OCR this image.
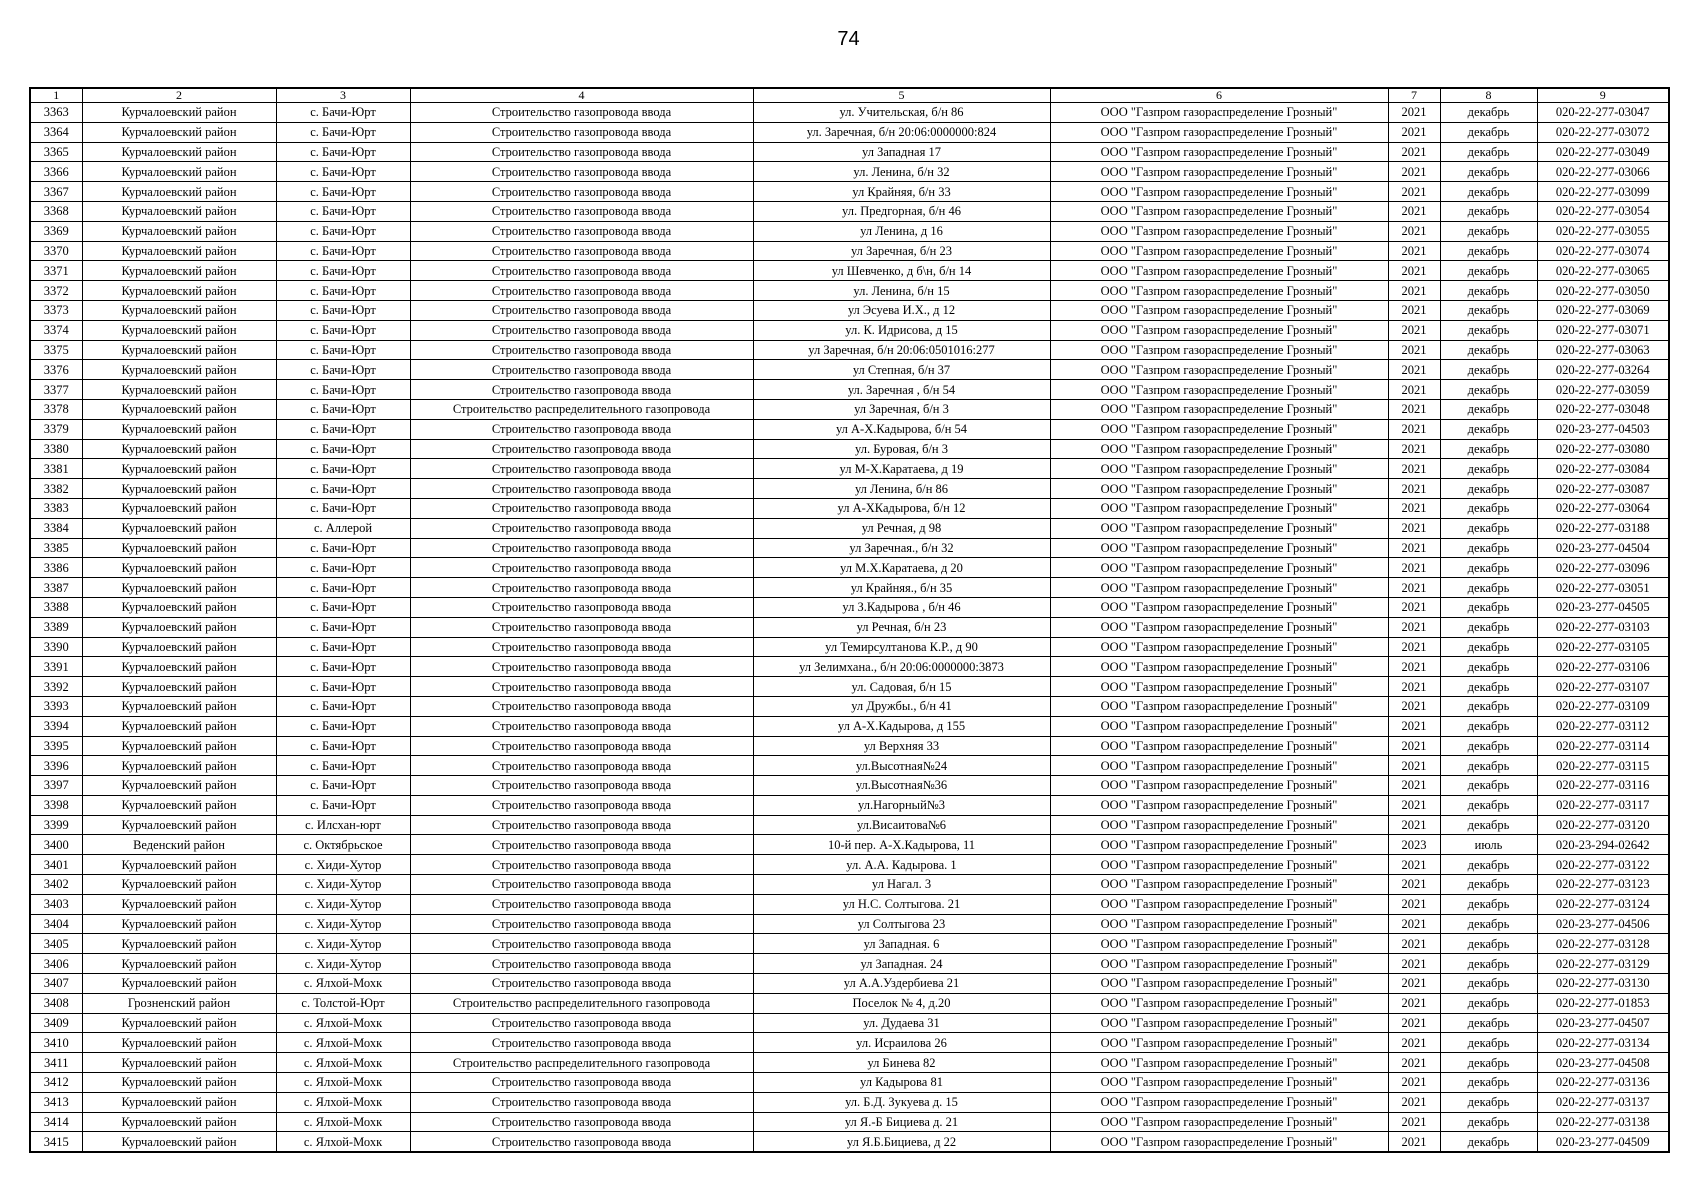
74
1	2	3	4	5	6	7	8	9
3363	Курчалоевский район	с. Бачи-Юрт	Строительство газопровода ввода	ул. Учительская, б/н 86	ООО "Газпром газораспределение Грозный"	2021	декабрь	020-22-277-03047
3364	Курчалоевский район	с. Бачи-Юрт	Строительство газопровода ввода	ул. Заречная, б/н 20:06:0000000:824	ООО "Газпром газораспределение Грозный"	2021	декабрь	020-22-277-03072
3365	Курчалоевский район	с. Бачи-Юрт	Строительство газопровода ввода	ул Западная 17	ООО "Газпром газораспределение Грозный"	2021	декабрь	020-22-277-03049
3366	Курчалоевский район	с. Бачи-Юрт	Строительство газопровода ввода	ул. Ленина, б/н 32	ООО "Газпром газораспределение Грозный"	2021	декабрь	020-22-277-03066
3367	Курчалоевский район	с. Бачи-Юрт	Строительство газопровода ввода	ул Крайняя, б/н 33	ООО "Газпром газораспределение Грозный"	2021	декабрь	020-22-277-03099
3368	Курчалоевский район	с. Бачи-Юрт	Строительство газопровода ввода	ул. Предгорная, б/н 46	ООО "Газпром газораспределение Грозный"	2021	декабрь	020-22-277-03054
3369	Курчалоевский район	с. Бачи-Юрт	Строительство газопровода ввода	ул Ленина, д 16	ООО "Газпром газораспределение Грозный"	2021	декабрь	020-22-277-03055
3370	Курчалоевский район	с. Бачи-Юрт	Строительство газопровода ввода	ул Заречная, б/н 23	ООО "Газпром газораспределение Грозный"	2021	декабрь	020-22-277-03074
3371	Курчалоевский район	с. Бачи-Юрт	Строительство газопровода ввода	ул Шевченко, д б\н, б/н 14	ООО "Газпром газораспределение Грозный"	2021	декабрь	020-22-277-03065
3372	Курчалоевский район	с. Бачи-Юрт	Строительство газопровода ввода	ул. Ленина, б/н 15	ООО "Газпром газораспределение Грозный"	2021	декабрь	020-22-277-03050
3373	Курчалоевский район	с. Бачи-Юрт	Строительство газопровода ввода	ул Эсуева И.Х., д 12	ООО "Газпром газораспределение Грозный"	2021	декабрь	020-22-277-03069
3374	Курчалоевский район	с. Бачи-Юрт	Строительство газопровода ввода	ул. К. Идрисова, д 15	ООО "Газпром газораспределение Грозный"	2021	декабрь	020-22-277-03071
3375	Курчалоевский район	с. Бачи-Юрт	Строительство газопровода ввода	ул Заречная, б/н 20:06:0501016:277	ООО "Газпром газораспределение Грозный"	2021	декабрь	020-22-277-03063
3376	Курчалоевский район	с. Бачи-Юрт	Строительство газопровода ввода	ул Степная, б/н 37	ООО "Газпром газораспределение Грозный"	2021	декабрь	020-22-277-03264
3377	Курчалоевский район	с. Бачи-Юрт	Строительство газопровода ввода	ул. Заречная , б/н 54	ООО "Газпром газораспределение Грозный"	2021	декабрь	020-22-277-03059
3378	Курчалоевский район	с. Бачи-Юрт	Строительство распределительного газопровода	ул Заречная, б/н 3	ООО "Газпром газораспределение Грозный"	2021	декабрь	020-22-277-03048
3379	Курчалоевский район	с. Бачи-Юрт	Строительство газопровода ввода	ул А-Х.Кадырова, б/н 54	ООО "Газпром газораспределение Грозный"	2021	декабрь	020-23-277-04503
3380	Курчалоевский район	с. Бачи-Юрт	Строительство газопровода ввода	ул. Буровая, б/н 3	ООО "Газпром газораспределение Грозный"	2021	декабрь	020-22-277-03080
3381	Курчалоевский район	с. Бачи-Юрт	Строительство газопровода ввода	ул М-Х.Каратаева, д 19	ООО "Газпром газораспределение Грозный"	2021	декабрь	020-22-277-03084
3382	Курчалоевский район	с. Бачи-Юрт	Строительство газопровода ввода	ул Ленина, б/н 86	ООО "Газпром газораспределение Грозный"	2021	декабрь	020-22-277-03087
3383	Курчалоевский район	с. Бачи-Юрт	Строительство газопровода ввода	ул А-ХКадырова, б/н 12	ООО "Газпром газораспределение Грозный"	2021	декабрь	020-22-277-03064
3384	Курчалоевский район	с. Аллерой	Строительство газопровода ввода	ул Речная, д 98	ООО "Газпром газораспределение Грозный"	2021	декабрь	020-22-277-03188
3385	Курчалоевский район	с. Бачи-Юрт	Строительство газопровода ввода	ул Заречная., б/н 32	ООО "Газпром газораспределение Грозный"	2021	декабрь	020-23-277-04504
3386	Курчалоевский район	с. Бачи-Юрт	Строительство газопровода ввода	ул М.Х.Каратаева, д 20	ООО "Газпром газораспределение Грозный"	2021	декабрь	020-22-277-03096
3387	Курчалоевский район	с. Бачи-Юрт	Строительство газопровода ввода	ул Крайняя., б/н 35	ООО "Газпром газораспределение Грозный"	2021	декабрь	020-22-277-03051
3388	Курчалоевский район	с. Бачи-Юрт	Строительство газопровода ввода	ул З.Кадырова , б/н 46	ООО "Газпром газораспределение Грозный"	2021	декабрь	020-23-277-04505
3389	Курчалоевский район	с. Бачи-Юрт	Строительство газопровода ввода	ул Речная, б/н 23	ООО "Газпром газораспределение Грозный"	2021	декабрь	020-22-277-03103
3390	Курчалоевский район	с. Бачи-Юрт	Строительство газопровода ввода	ул Темирсултанова К.Р., д 90	ООО "Газпром газораспределение Грозный"	2021	декабрь	020-22-277-03105
3391	Курчалоевский район	с. Бачи-Юрт	Строительство газопровода ввода	ул Зелимхана., б/н 20:06:0000000:3873	ООО "Газпром газораспределение Грозный"	2021	декабрь	020-22-277-03106
3392	Курчалоевский район	с. Бачи-Юрт	Строительство газопровода ввода	ул. Садовая, б/н 15	ООО "Газпром газораспределение Грозный"	2021	декабрь	020-22-277-03107
3393	Курчалоевский район	с. Бачи-Юрт	Строительство газопровода ввода	ул Дружбы., б/н 41	ООО "Газпром газораспределение Грозный"	2021	декабрь	020-22-277-03109
3394	Курчалоевский район	с. Бачи-Юрт	Строительство газопровода ввода	ул А-Х.Кадырова, д 155	ООО "Газпром газораспределение Грозный"	2021	декабрь	020-22-277-03112
3395	Курчалоевский район	с. Бачи-Юрт	Строительство газопровода ввода	ул Верхняя 33	ООО "Газпром газораспределение Грозный"	2021	декабрь	020-22-277-03114
3396	Курчалоевский район	с. Бачи-Юрт	Строительство газопровода ввода	ул.Высотная№24	ООО "Газпром газораспределение Грозный"	2021	декабрь	020-22-277-03115
3397	Курчалоевский район	с. Бачи-Юрт	Строительство газопровода ввода	ул.Высотная№36	ООО "Газпром газораспределение Грозный"	2021	декабрь	020-22-277-03116
3398	Курчалоевский район	с. Бачи-Юрт	Строительство газопровода ввода	ул.Нагорный№3	ООО "Газпром газораспределение Грозный"	2021	декабрь	020-22-277-03117
3399	Курчалоевский район	с. Илсхан-юрт	Строительство газопровода ввода	ул.Висаитова№6	ООО "Газпром газораспределение Грозный"	2021	декабрь	020-22-277-03120
3400	Веденский район	с. Октябрьское	Строительство газопровода ввода	10-й пер. А-Х.Кадырова, 11	ООО "Газпром газораспределение Грозный"	2023	июль	020-23-294-02642
3401	Курчалоевский район	с. Хиди-Хутор	Строительство газопровода ввода	ул. А.А. Кадырова. 1	ООО "Газпром газораспределение Грозный"	2021	декабрь	020-22-277-03122
3402	Курчалоевский район	с. Хиди-Хутор	Строительство газопровода ввода	ул Нагал. 3	ООО "Газпром газораспределение Грозный"	2021	декабрь	020-22-277-03123
3403	Курчалоевский район	с. Хиди-Хутор	Строительство газопровода ввода	ул Н.С. Солтыгова. 21	ООО "Газпром газораспределение Грозный"	2021	декабрь	020-22-277-03124
3404	Курчалоевский район	с. Хиди-Хутор	Строительство газопровода ввода	ул Солтыгова 23	ООО "Газпром газораспределение Грозный"	2021	декабрь	020-23-277-04506
3405	Курчалоевский район	с. Хиди-Хутор	Строительство газопровода ввода	ул Западная. 6	ООО "Газпром газораспределение Грозный"	2021	декабрь	020-22-277-03128
3406	Курчалоевский район	с. Хиди-Хутор	Строительство газопровода ввода	ул Западная. 24	ООО "Газпром газораспределение Грозный"	2021	декабрь	020-22-277-03129
3407	Курчалоевский район	с. Ялхой-Мохк	Строительство газопровода ввода	ул А.А.Уздербиева 21	ООО "Газпром газораспределение Грозный"	2021	декабрь	020-22-277-03130
3408	Грозненский район	с. Толстой-Юрт	Строительство распределительного газопровода	Поселок № 4, д.20	ООО "Газпром газораспределение Грозный"	2021	декабрь	020-22-277-01853
3409	Курчалоевский район	с. Ялхой-Мохк	Строительство газопровода ввода	ул. Дудаева 31	ООО "Газпром газораспределение Грозный"	2021	декабрь	020-23-277-04507
3410	Курчалоевский район	с. Ялхой-Мохк	Строительство газопровода ввода	ул. Исраилова 26	ООО "Газпром газораспределение Грозный"	2021	декабрь	020-22-277-03134
3411	Курчалоевский район	с. Ялхой-Мохк	Строительство распределительного газопровода	ул Бинева 82	ООО "Газпром газораспределение Грозный"	2021	декабрь	020-23-277-04508
3412	Курчалоевский район	с. Ялхой-Мохк	Строительство газопровода ввода	ул Кадырова 81	ООО "Газпром газораспределение Грозный"	2021	декабрь	020-22-277-03136
3413	Курчалоевский район	с. Ялхой-Мохк	Строительство газопровода ввода	ул. Б.Д. Зукуева д. 15	ООО "Газпром газораспределение Грозный"	2021	декабрь	020-22-277-03137
3414	Курчалоевский район	с. Ялхой-Мохк	Строительство газопровода ввода	ул Я.-Б Бициева д. 21	ООО "Газпром газораспределение Грозный"	2021	декабрь	020-22-277-03138
3415	Курчалоевский район	с. Ялхой-Мохк	Строительство газопровода ввода	ул Я.Б.Бициева, д 22	ООО "Газпром газораспределение Грозный"	2021	декабрь	020-23-277-04509
